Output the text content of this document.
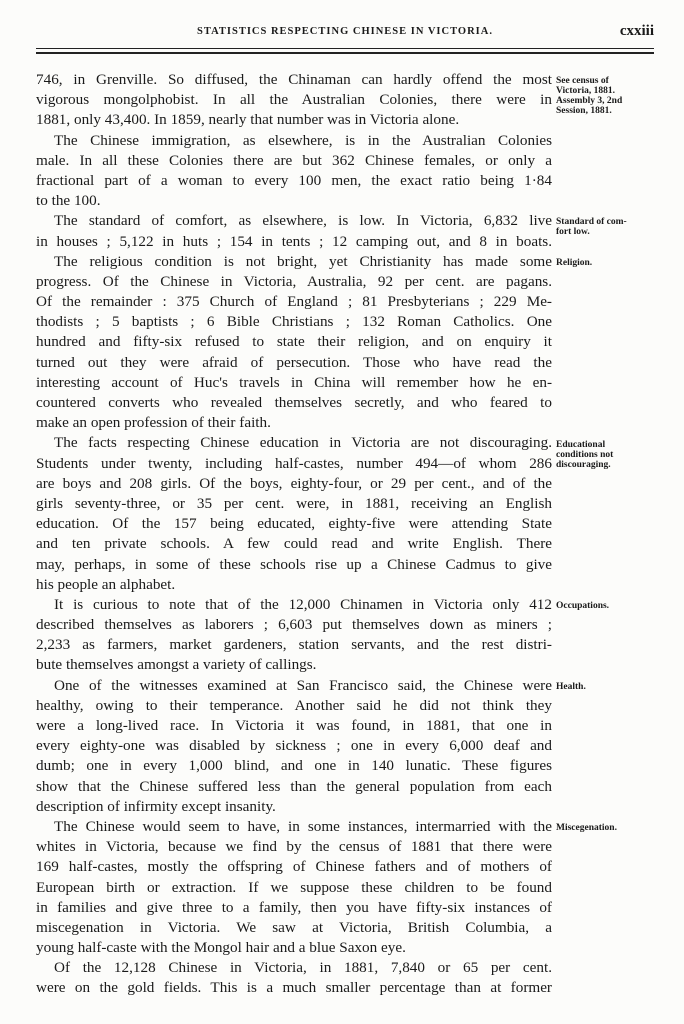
STATISTICS RESPECTING CHINESE IN VICTORIA.	cxxiii
746, in Grenville. So diffused, the Chinaman can hardly offend the most
vigorous mongolphobist. In all the Australian Colonies, there were in
1881, only 43,400. In 1859, nearly that number was in Victoria alone.
The Chinese immigration, as elsewhere, is in the Australian Colonies
male. In all these Colonies there are but 362 Chinese females, or only a
fractional part of a woman to every 100 men, the exact ratio being 1·84
to the 100.
The standard of comfort, as elsewhere, is low. In Victoria, 6,832 live
in houses ; 5,122 in huts ; 154 in tents ; 12 camping out, and 8 in boats.
The religious condition is not bright, yet Christianity has made some
progress. Of the Chinese in Victoria, Australia, 92 per cent. are pagans.
Of the remainder : 375 Church of England ; 81 Presbyterians ; 229 Me-
thodists ; 5 baptists ; 6 Bible Christians ; 132 Roman Catholics. One
hundred and fifty-six refused to state their religion, and on enquiry it
turned out they were afraid of persecution. Those who have read the
interesting account of Huc's travels in China will remember how he en-
countered converts who revealed themselves secretly, and who feared to
make an open profession of their faith.
The facts respecting Chinese education in Victoria are not discouraging.
Students under twenty, including half-castes, number 494—of whom 286
are boys and 208 girls. Of the boys, eighty-four, or 29 per cent., and of the
girls seventy-three, or 35 per cent. were, in 1881, receiving an English
education. Of the 157 being educated, eighty-five were attending State
and ten private schools. A few could read and write English. There
may, perhaps, in some of these schools rise up a Chinese Cadmus to give
his people an alphabet.
It is curious to note that of the 12,000 Chinamen in Victoria only 412
described themselves as laborers ; 6,603 put themselves down as miners ;
2,233 as farmers, market gardeners, station servants, and the rest distri-
bute themselves amongst a variety of callings.
One of the witnesses examined at San Francisco said, the Chinese were
healthy, owing to their temperance. Another said he did not think they
were a long-lived race. In Victoria it was found, in 1881, that one in
every eighty-one was disabled by sickness ; one in every 6,000 deaf and
dumb; one in every 1,000 blind, and one in 140 lunatic. These figures
show that the Chinese suffered less than the general population from each
description of infirmity except insanity.
The Chinese would seem to have, in some instances, intermarried with the
whites in Victoria, because we find by the census of 1881 that there were
169 half-castes, mostly the offspring of Chinese fathers and of mothers of
European birth or extraction. If we suppose these children to be found
in families and give three to a family, then you have fifty-six instances of
miscegenation in Victoria. We saw at Victoria, British Columbia, a
young half-caste with the Mongol hair and a blue Saxon eye.
Of the 12,128 Chinese in Victoria, in 1881, 7,840 or 65 per cent.
were on the gold fields. This is a much smaller percentage than at former
See census of
Victoria, 1881.
Assembly 3, 2nd
Session, 1881.
Standard of com-
fort low.
Religion.
Educational
conditions not
discouraging.
Occupations.
Health.
Miscegenation.
